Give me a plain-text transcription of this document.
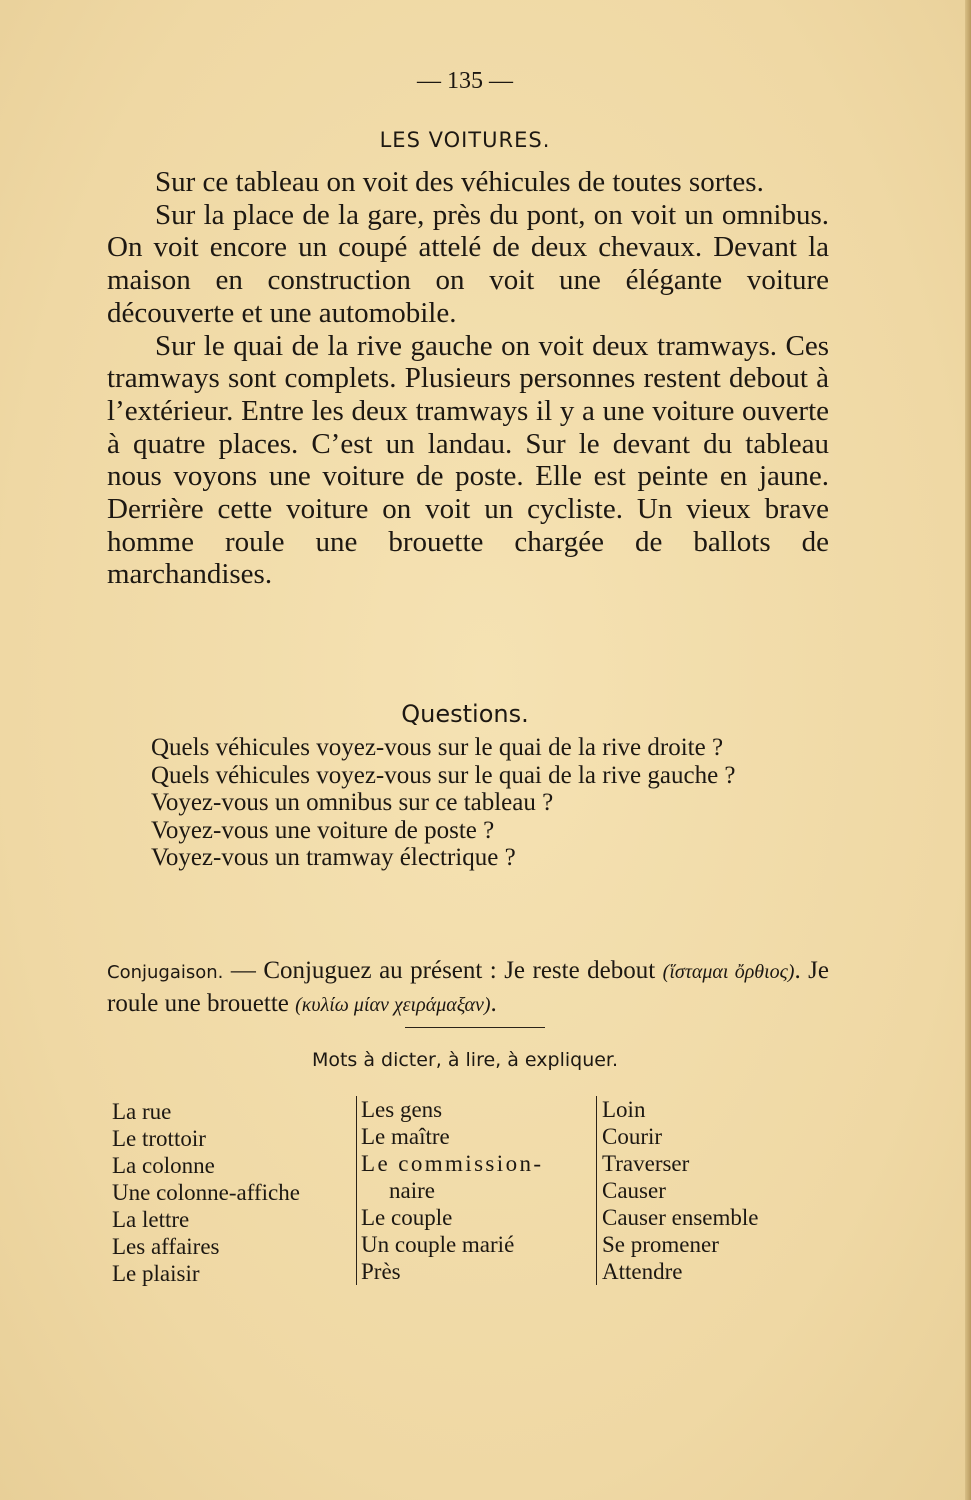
— 135 —
LES VOITURES.

Sur ce tableau on voit des véhicules de toutes sortes.

Sur la place de la gare, près du pont, on voit un omnibus. On voit encore un coupé attelé de deux chevaux. Devant la maison en construction on voit une élégante voiture découverte et une automobile.

Sur le quai de la rive gauche on voit deux tramways. Ces tramways sont complets. Plusieurs personnes restent debout à l’extérieur. Entre les deux tramways il y a une voiture ouverte à quatre places. C’est un landau. Sur le devant du tableau nous voyons une voiture de poste. Elle est peinte en jaune. Derrière cette voiture on voit un cycliste. Un vieux brave homme roule une brouette chargée de ballots de marchandises.

Questions.

Quels véhicules voyez-vous sur le quai de la rive droite ?

Quels véhicules voyez-vous sur le quai de la rive gauche ?

Voyez-vous un omnibus sur ce tableau ?

Voyez-vous une voiture de poste ?

Voyez-vous un tramway électrique ?

Conjugaison. — Conjuguez au présent : Je reste debout (ἵσταμαι ὄρθιος). Je roule une brouette (κυλίω μίαν χειράμαξαν).

Mots à dicter, à lire, à expliquer.
La rue
Le trottoir
La colonne
Une colonne-affiche
La lettre
Les affaires
Le plaisir
Les gens
Le maître
Le commission-
naire
Le couple
Un couple marié
Près
Loin
Courir
Traverser
Causer
Causer ensemble
Se promener
Attendre
